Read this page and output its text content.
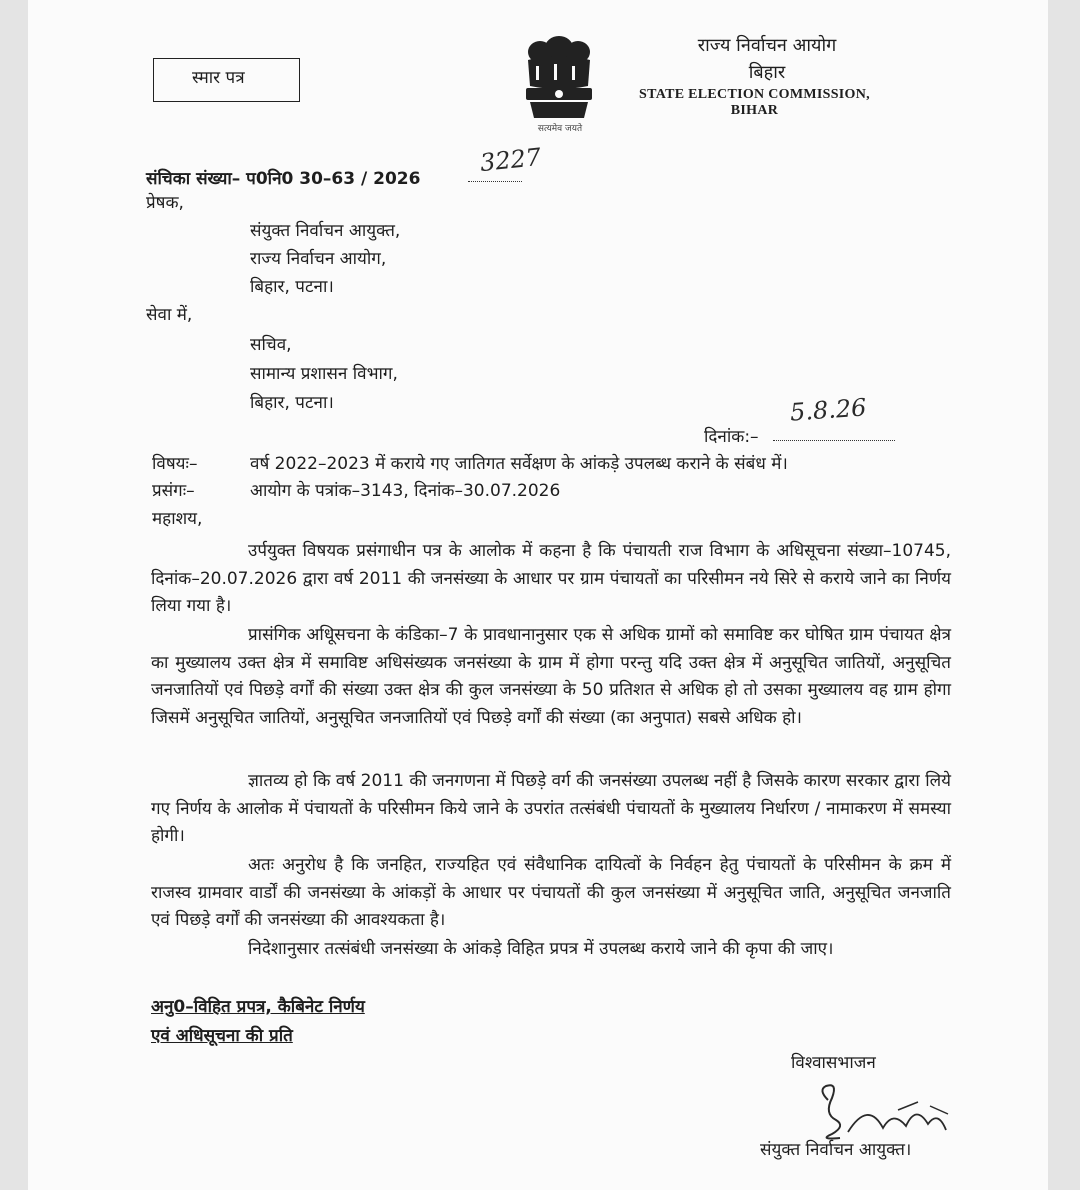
स्मार पत्र
सत्यमेव जयते
राज्य निर्वाचन आयोग
बिहार
STATE ELECTION COMMISSION,
BIHAR
संचिका संख्या– प0नि0 30–63 / 2026
3227
प्रेषक,
संयुक्त निर्वाचन आयुक्त,
राज्य निर्वाचन आयोग,
बिहार, पटना।
सेवा में,
सचिव,
सामान्य प्रशासन विभाग,
बिहार, पटना।
दिनांक:–
5.8.26
विषयः–	वर्ष 2022–2023 में कराये गए जातिगत सर्वेक्षण के आंकड़े उपलब्ध कराने के संबंध में।
प्रसंगः–	आयोग के पत्रांक–3143, दिनांक–30.07.2026
महाशय,
उर्पयुक्त विषयक प्रसंगाधीन पत्र के आलोक में कहना है कि पंचायती राज विभाग के अधिसूचना संख्या–10745, दिनांक–20.07.2026 द्वारा वर्ष 2011 की जनसंख्या के आधार पर ग्राम पंचायतों का परिसीमन नये सिरे से कराये जाने का निर्णय लिया गया है।
प्रासंगिक अधिूसचना के कंडिका–7 के प्रावधानानुसार एक से अधिक ग्रामों को समाविष्ट कर घोषित ग्राम पंचायत क्षेत्र का मुख्यालय उक्त क्षेत्र में समाविष्ट अधिसंख्यक जनसंख्या के ग्राम में होगा परन्तु यदि उक्त क्षेत्र में अनुसूचित जातियों, अनुसूचित जनजातियों एवं पिछड़े वर्गों की संख्या उक्त क्षेत्र की कुल जनसंख्या के 50 प्रतिशत से अधिक हो तो उसका मुख्यालय वह ग्राम होगा जिसमें अनुसूचित जातियों, अनुसूचित जनजातियों एवं पिछड़े वर्गों की संख्या (का अनुपात) सबसे अधिक हो।
ज्ञातव्य हो कि वर्ष 2011 की जनगणना में पिछड़े वर्ग की जनसंख्या उपलब्ध नहीं है जिसके कारण सरकार द्वारा लिये गए निर्णय के आलोक में पंचायतों के परिसीमन किये जाने के उपरांत तत्संबंधी पंचायतों के मुख्यालय निर्धारण / नामाकरण में समस्या होगी।
अतः अनुरोध है कि जनहित, राज्यहित एवं संवैधानिक दायित्वों के निर्वहन हेतु पंचायतों के परिसीमन के क्रम में राजस्व ग्रामवार वार्डों की जनसंख्या के आंकड़ों के आधार पर पंचायतों की कुल जनसंख्या में अनुसूचित जाति, अनुसूचित जनजाति एवं पिछड़े वर्गों की जनसंख्या की आवश्यकता है।
निदेशानुसार तत्संबंधी जनसंख्या के आंकड़े विहित प्रपत्र में उपलब्ध कराये जाने की कृपा की जाए।
अनु0–विहित प्रपत्र, कैबिनेट निर्णय
एवं अधिसूचना की प्रति
विश्वासभाजन
संयुक्त निर्वाचन आयुक्त।
